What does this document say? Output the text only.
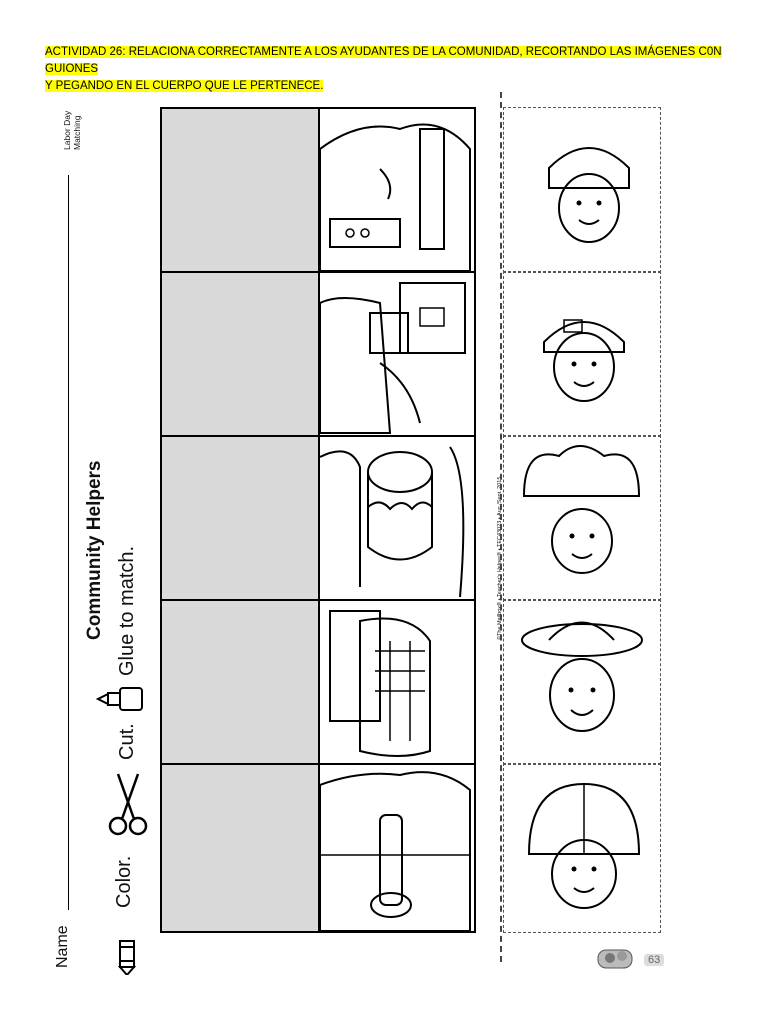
ACTIVIDAD 26: RELACIONA CORRECTAMENTE A LOS AYUDANTES DE LA COMUNIDAD, RECORTANDO LAS IMÁGENES C0N GUIONES
Y PEGANDO EN EL CUERPO QUE LE PERTENECE.
Labor Day Matching
Name
Community Helpers
Color.
Cut.
Glue to match.	©The Mailbox® • Teacher's Helper® • TEC43023 • Aug./Sept. 2015
63
